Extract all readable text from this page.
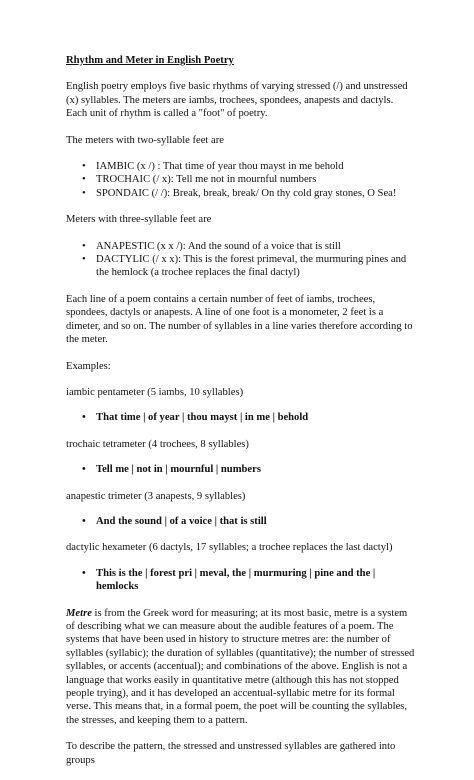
Rhythm and Meter in English Poetry

English poetry employs five basic rhythms of varying stressed (/) and unstressed (x) syllables. The meters are iambs, trochees, spondees, anapests and dactyls. Each unit of rhythm is called a "foot" of poetry.

The meters with two-syllable feet are

• IAMBIC (x /) : That time of year thou mayst in me behold
• TROCHAIC (/ x): Tell me not in mournful numbers
• SPONDAIC (/ /): Break, break, break/ On thy cold gray stones, O Sea!

Meters with three-syllable feet are

• ANAPESTIC (x x /): And the sound of a voice that is still
• DACTYLIC (/ x x): This is the forest primeval, the murmuring pines and the hemlock (a trochee replaces the final dactyl)

Each line of a poem contains a certain number of feet of iambs, trochees, spondees, dactyls or anapests. A line of one foot is a monometer, 2 feet is a dimeter, and so on. The number of syllables in a line varies therefore according to the meter.

Examples:

iambic pentameter (5 iambs, 10 syllables)

• That time | of year | thou mayst | in me | behold

trochaic tetrameter (4 trochees, 8 syllables)

• Tell me | not in | mournful | numbers

anapestic trimeter (3 anapests, 9 syllables)

• And the sound | of a voice | that is still

dactylic hexameter (6 dactyls, 17 syllables; a trochee replaces the last dactyl)

• This is the | forest pri | meval, the | murmuring | pine and the | hemlocks

Metre is from the Greek word for measuring; at its most basic, metre is a system of describing what we can measure about the audible features of a poem. The systems that have been used in history to structure metres are: the number of syllables (syllabic); the duration of syllables (quantitative); the number of stressed syllables, or accents (accentual); and combinations of the above. English is not a language that works easily in quantitative metre (although this has not stopped people trying), and it has developed an accentual-syllabic metre for its formal verse. This means that, in a formal poem, the poet will be counting the syllables, the stresses, and keeping them to a pattern.

To describe the pattern, the stressed and unstressed syllables are gathered into groups
